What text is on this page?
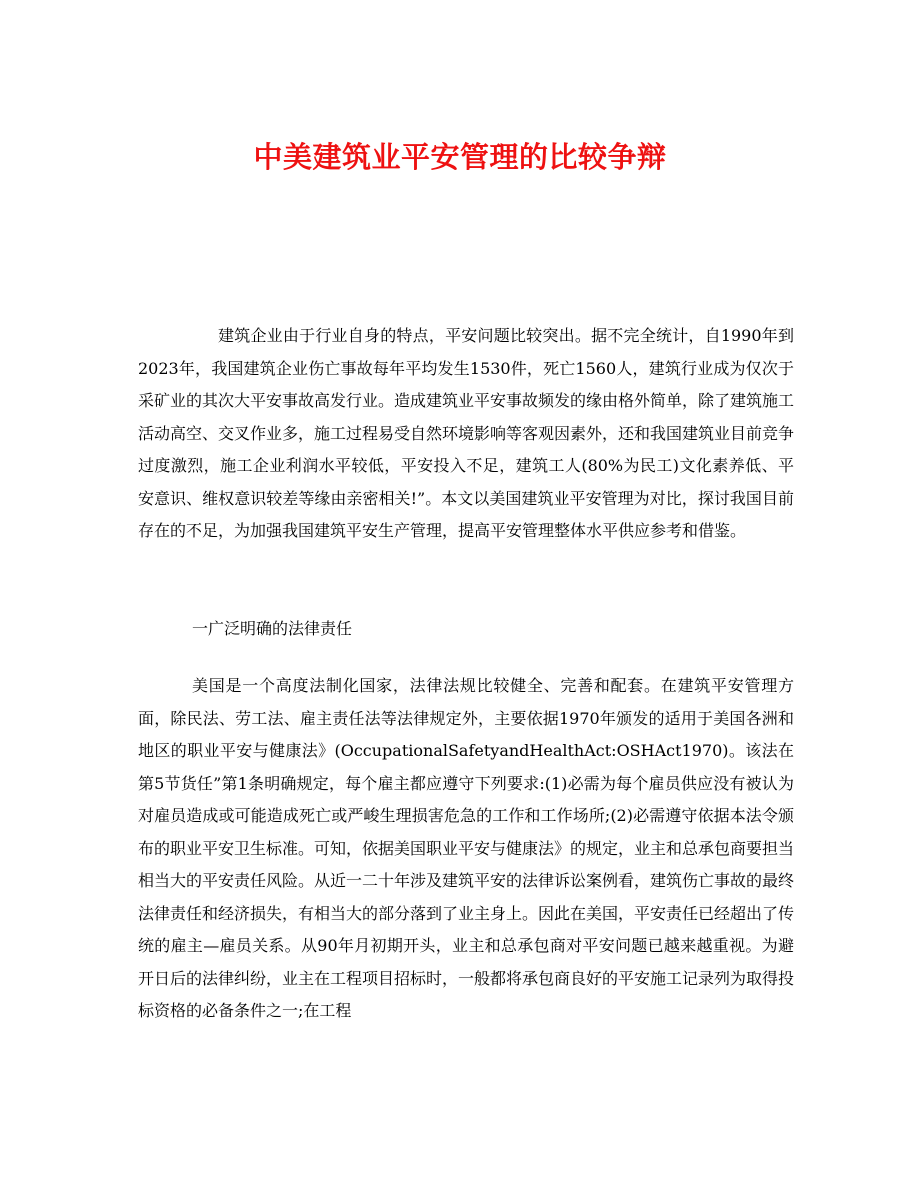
中美建筑业平安管理的比较争辩

建筑企业由于行业自身的特点，平安问题比较突出。据不完全统计，自1990年到2023年，我国建筑企业伤亡事故每年平均发生1530件，死亡1560人，建筑行业成为仅次于采矿业的其次大平安事故高发行业。造成建筑业平安事故频发的缘由格外简单，除了建筑施工活动高空、交叉作业多，施工过程易受自然环境影响等客观因素外，还和我国建筑业目前竞争过度激烈，施工企业利润水平较低，平安投入不足，建筑工人(80%为民工)文化素养低、平安意识、维权意识较差等缘由亲密相关!”。本文以美国建筑业平安管理为对比，探讨我国目前存在的不足，为加强我国建筑平安生产管理，提高平安管理整体水平供应参考和借鉴。

一广泛明确的法律责任

美国是一个高度法制化国家，法律法规比较健全、完善和配套。在建筑平安管理方面，除民法、劳工法、雇主责任法等法律规定外，主要依据1970年颁发的适用于美国各洲和地区的职业平安与健康法》(OccupationalSafetyandHealthAct:OSHAct1970)。该法在第5节货任”第1条明确规定，每个雇主都应遵守下列要求:(1)必需为每个雇员供应没有被认为对雇员造成或可能造成死亡或严峻生理损害危急的工作和工作场所;(2)必需遵守依据本法令颁布的职业平安卫生标准。可知，依据美国职业平安与健康法》的规定，业主和总承包商要担当相当大的平安责任风险。从近一二十年涉及建筑平安的法律诉讼案例看，建筑伤亡事故的最终法律责任和经济损失，有相当大的部分落到了业主身上。因此在美国，平安责任已经超出了传统的雇主—雇员关系。从90年月初期开头，业主和总承包商对平安问题已越来越重视。为避开日后的法律纠纷，业主在工程项目招标时，一般都将承包商良好的平安施工记录列为取得投标资格的必备条件之一;在工程
